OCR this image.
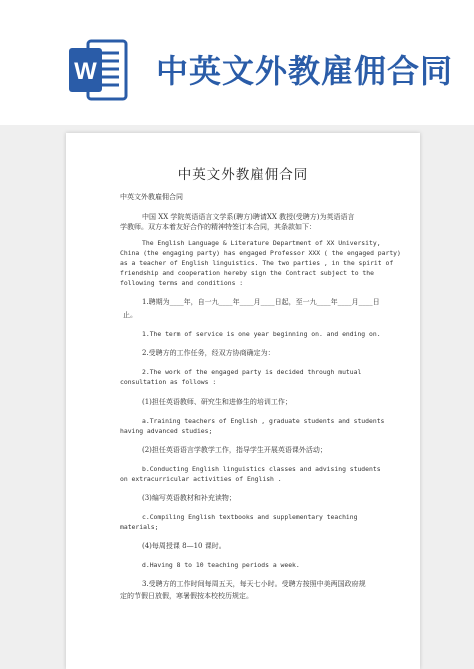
W 中英文外教雇佣合同
中英文外教雇佣合同
中英文外教雇佣合同
中国 XX 学院英语语言文学系(聘方)聘请XX 教授(受聘方)为英语语言
学教师。双方本着友好合作的精神特签订本合同，其条款如下：
The English Language & Literature Department of XX University,
China (the engaging party) has engaged Professor XXX ( the engaged party)
as a teacher of English linguistics. The two parties , in the spirit of
friendship and cooperation hereby sign the Contract subject to the
following terms and conditions :
1.聘期为____年，自一九____年____月____日起，至一九____年____月____日
止。
1.The term of service is one year beginning on. and ending on.
2.受聘方的工作任务，经双方协商确定为：
2.The work of the engaged party is decided through mutual
consultation as follows :
(1)担任英语教师、研究生和进修生的培训工作；
a.Training teachers of English , graduate students and students
having advanced studies;
(2)担任英语语言学教学工作，指导学生开展英语课外活动；
b.Conducting English linguistics classes and advising students
on extracurricular activities of English .
(3)编写英语教材和补充读物；
c.Compiling English textbooks and supplementary teaching
materials;
(4)每周授课 8—10 课时。
d.Having 8 to 10 teaching periods a week.
3.受聘方的工作时间每周五天，每天七小时。受聘方按照中美两国政府规
定的节假日放假，寒暑假按本校校历规定。
